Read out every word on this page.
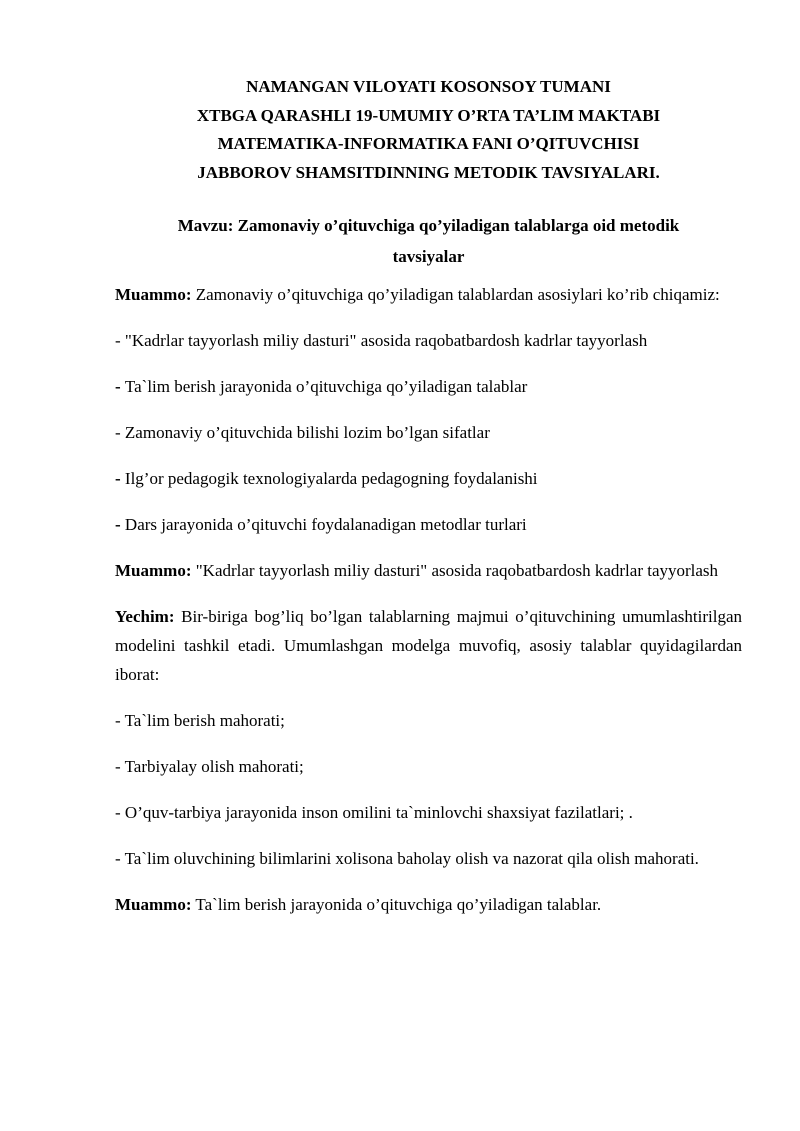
NAMANGAN VILOYATI KOSONSOY TUMANI
XTBGA QARASHLI 19-UMUMIY O’RTA TA’LIM MAKTABI
MATEMATIKA-INFORMATIKA FANI O’QITUVCHISI
JABBOROV SHAMSITDINNING METODIK TAVSIYALARI.
Mavzu: Zamonaviy o’qituvchiga qo’yiladigan talablarga oid metodik
tavsiyalar

Muammo: Zamonaviy o’qituvchiga qo’yiladigan talablardan asosiylari ko’rib chiqamiz:

- "Kadrlar tayyorlash miliy dasturi" asosida raqobatbardosh kadrlar tayyorlash

- Ta`lim berish jarayonida o’qituvchiga qo’yiladigan talablar

- Zamonaviy o’qituvchida bilishi lozim bo’lgan sifatlar

- Ilg’or pedagogik texnologiyalarda pedagogning foydalanishi

- Dars jarayonida o’qituvchi foydalanadigan metodlar turlari

Muammo: "Kadrlar tayyorlash miliy dasturi" asosida raqobatbardosh kadrlar tayyorlash

Yechim: Bir-biriga bog’liq bo’lgan talablarning majmui o’qituvchining umumlashtirilgan modelini tashkil etadi. Umumlashgan modelga muvofiq, asosiy talablar quyidagilardan iborat:

- Ta`lim berish mahorati;

- Tarbiyalay olish mahorati;

- O’quv-tarbiya jarayonida inson omilini ta`minlovchi shaxsiyat fazilatlari; .

- Ta`lim oluvchining bilimlarini xolisona baholay olish va nazorat qila olish mahorati.

Muammo: Ta`lim berish jarayonida o’qituvchiga qo’yiladigan talablar.
